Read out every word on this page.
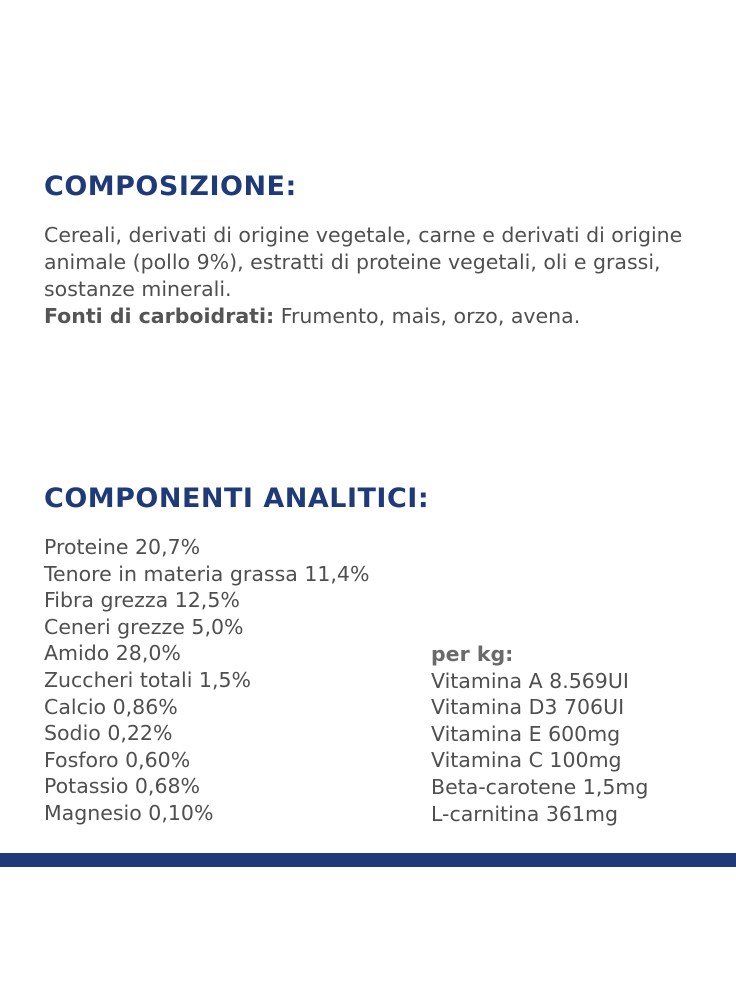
COMPOSIZIONE:

Cereali, derivati di origine vegetale, carne e derivati di origine animale (pollo 9%), estratti di proteine vegetali, oli e grassi, sostanze minerali.
Fonti di carboidrati: Frumento, mais, orzo, avena.

COMPONENTI ANALITICI:
Proteine 20,7%
Tenore in materia grassa 11,4%
Fibra grezza 12,5%
Ceneri grezze 5,0%
Amido 28,0%
Zuccheri totali 1,5%
Calcio 0,86%
Sodio 0,22%
Fosforo 0,60%
Potassio 0,68%
Magnesio 0,10%
per kg:
Vitamina A 8.569UI
Vitamina D3 706UI
Vitamina E 600mg
Vitamina C 100mg
Beta-carotene 1,5mg
L-carnitina 361mg
